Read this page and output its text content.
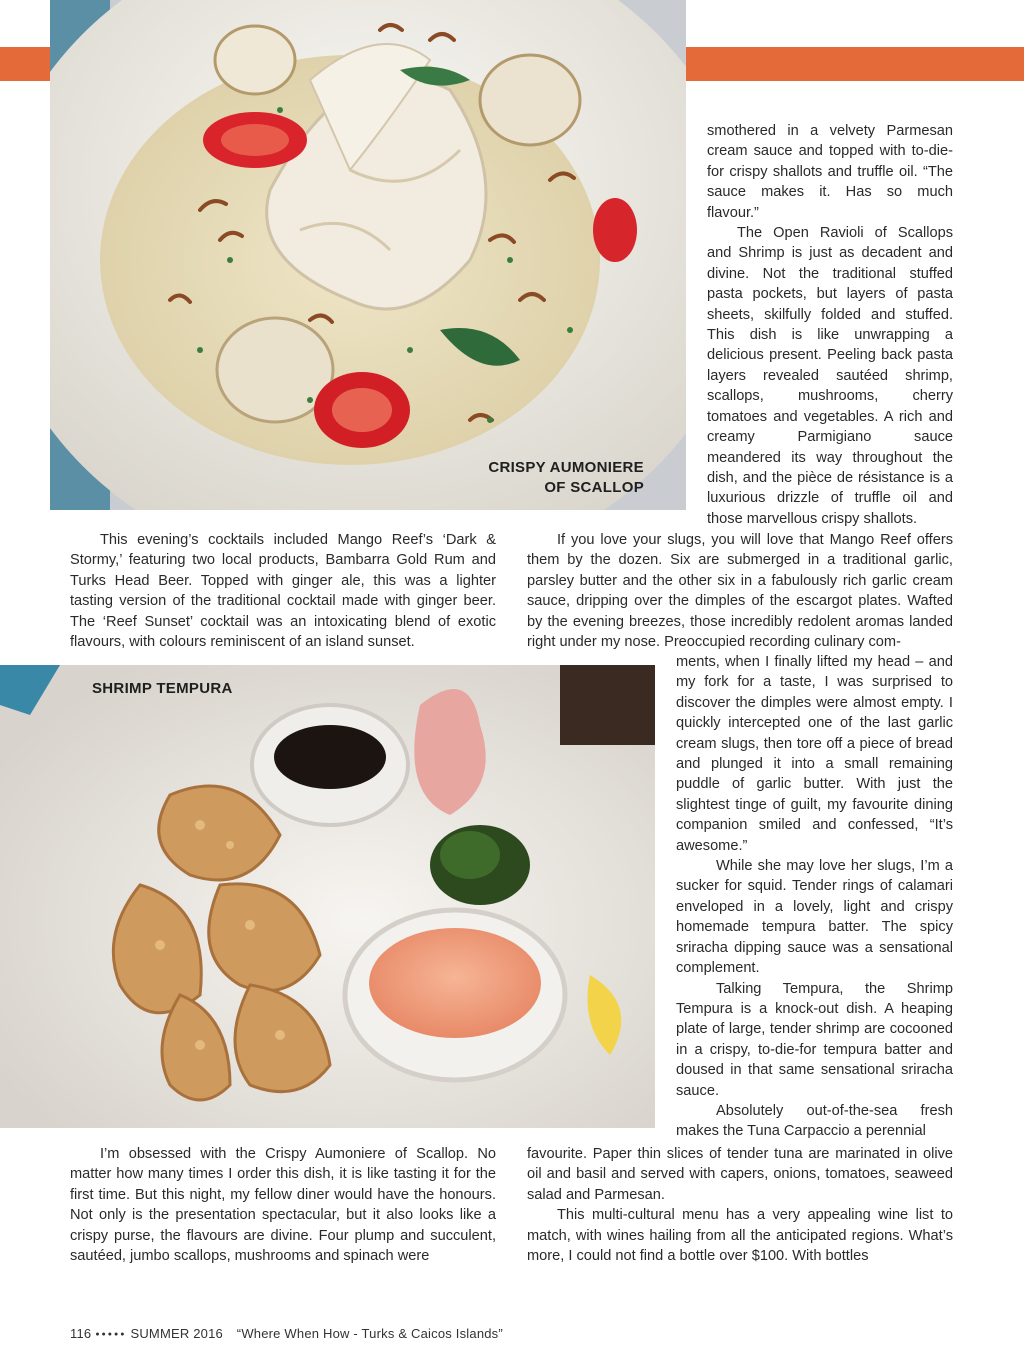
CRISPY AUMONIERE
OF SCALLOP

smothered in a velvety Parmesan cream sauce and topped with to-die-for crispy shallots and truffle oil. “The sauce makes it. Has so much flavour.”

The Open Ravioli of Scallops and Shrimp is just as decadent and divine. Not the traditional stuffed pasta pockets, but layers of pasta sheets, skilfully folded and stuffed. This dish is like unwrapping a delicious present. Peeling back pasta layers revealed sautéed shrimp, scallops, mushrooms, cherry tomatoes and vegetables. A rich and creamy Parmigiano sauce meandered its way throughout the dish, and the pièce de résistance is a luxurious drizzle of truffle oil and those marvellous crispy shallots.

This evening’s cocktails included Mango Reef’s ‘Dark & Stormy,’ featuring two local products, Bambarra Gold Rum and Turks Head Beer. Topped with ginger ale, this was a lighter tasting version of the traditional cocktail made with ginger beer. The ‘Reef Sunset’ cocktail was an intoxicating blend of exotic flavours, with colours reminiscent of an island sunset.

If you love your slugs, you will love that Mango Reef offers them by the dozen. Six are submerged in a traditional garlic, parsley butter and the other six in a fabulously rich garlic cream sauce, dripping over the dimples of the escargot plates. Wafted by the evening breezes, those incredibly redolent aromas landed right under my nose. Preoccupied recording culinary com-

SHRIMP TEMPURA

ments, when I finally lifted my head – and my fork for a taste, I was surprised to discover the dimples were almost empty. I quickly intercepted one of the last garlic cream slugs, then tore off a piece of bread and plunged it into a small remaining puddle of garlic butter. With just the slightest tinge of guilt, my favourite dining companion smiled and confessed, “It’s awesome.”

While she may love her slugs, I’m a sucker for squid. Tender rings of calamari enveloped in a lovely, light and crispy homemade tempura batter. The spicy sriracha dipping sauce was a sensational complement.

Talking Tempura, the Shrimp Tempura is a knock-out dish. A heaping plate of large, tender shrimp are cocooned in a crispy, to-die-for tempura batter and doused in that same sensational sriracha sauce.

Absolutely out-of-the-sea fresh makes the Tuna Carpaccio a perennial

favourite. Paper thin slices of tender tuna are marinated in olive oil and basil and served with capers, onions, tomatoes, seaweed salad and Parmesan.

This multi-cultural menu has a very appealing wine list to match, with wines hailing from all the anticipated regions. What’s more, I could not find a bottle over $100. With bottles

I’m obsessed with the Crispy Aumoniere of Scallop. No matter how many times I order this dish, it is like tasting it for the first time. But this night, my fellow diner would have the honours. Not only is the presentation spectacular, but it also looks like a crispy purse, the flavours are divine. Four plump and succulent, sautéed, jumbo scallops, mushrooms and spinach were

116 ●●●●● SUMMER 2016 “Where When How - Turks & Caicos Islands”
